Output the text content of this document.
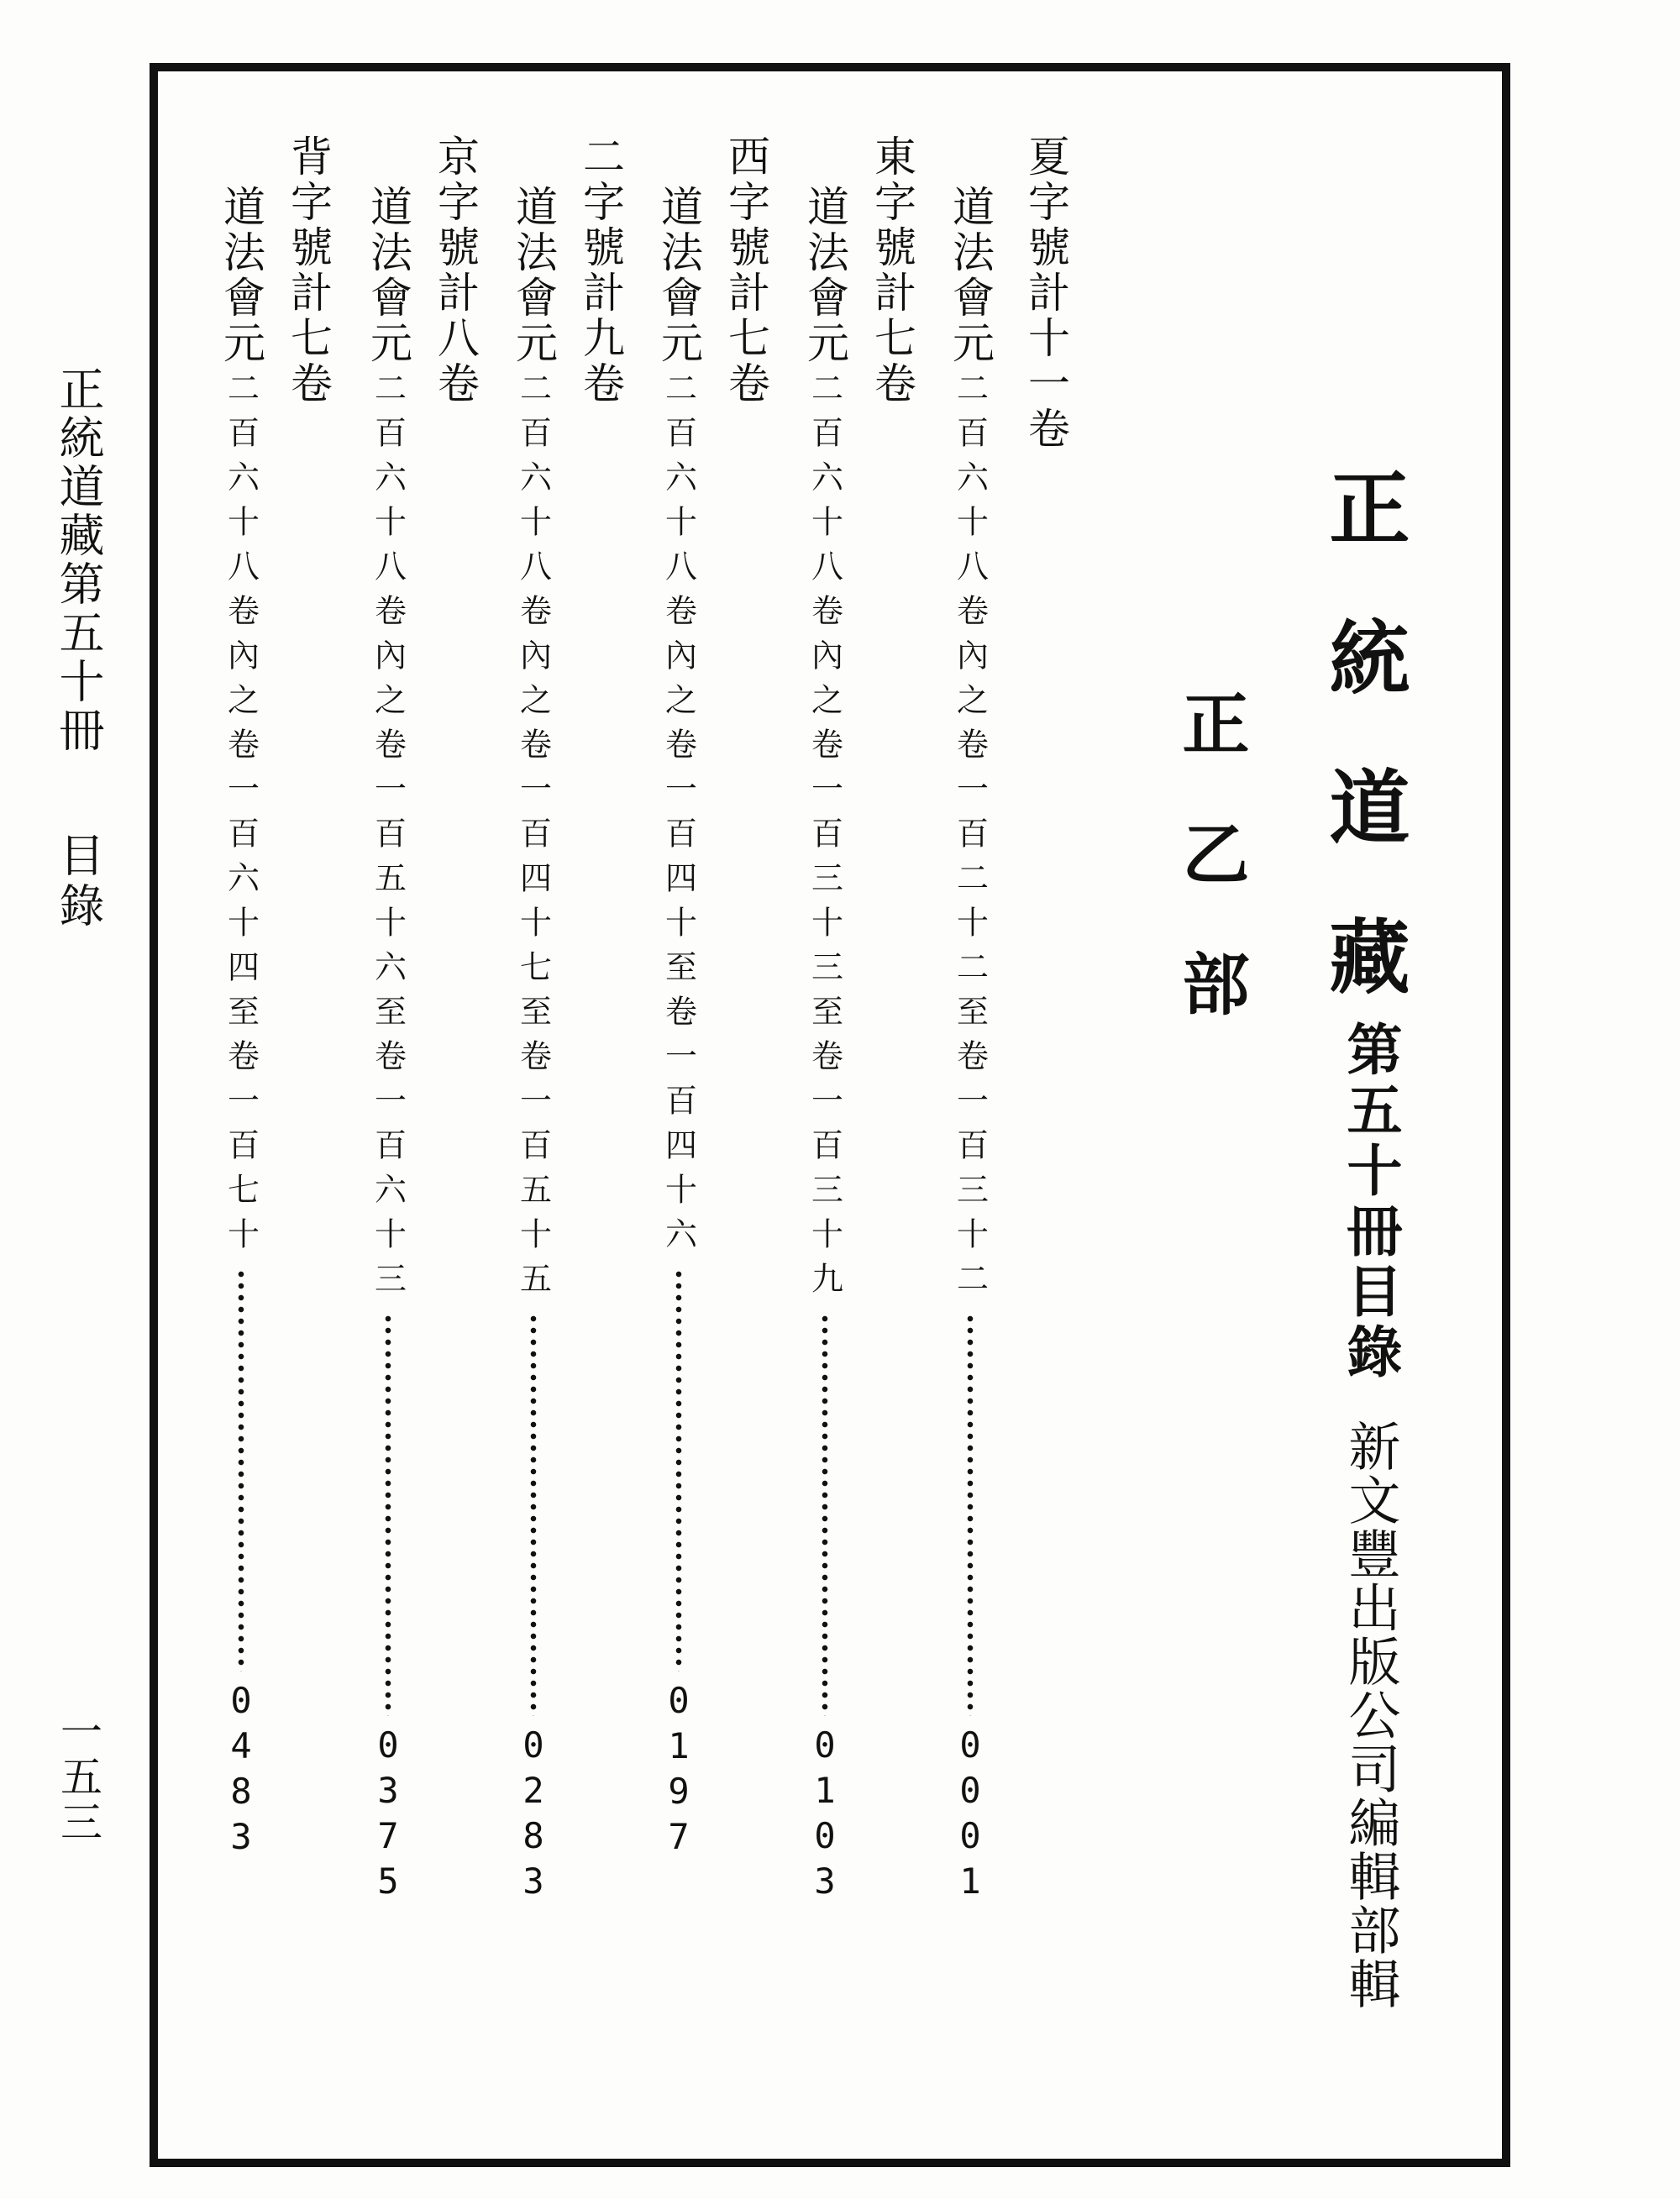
正統道藏
第五十冊目錄
新文豐出版公司編輯部輯
正乙部
夏字號計十一卷
道法會元
二百六十八卷內之卷一百二十二至卷一百三十二
0
0
0
1
東字號計七卷
道法會元
二百六十八卷內之卷一百三十三至卷一百三十九
0
1
0
3
西字號計七卷
道法會元
二百六十八卷內之卷一百四十至卷一百四十六
0
1
9
7
二字號計九卷
道法會元
二百六十八卷內之卷一百四十七至卷一百五十五
0
2
8
3
京字號計八卷
道法會元
二百六十八卷內之卷一百五十六至卷一百六十三
0
3
7
5
背字號計七卷
道法會元
二百六十八卷內之卷一百六十四至卷一百七十
0
4
8
3
正統道藏第五十冊
目錄
一五三
